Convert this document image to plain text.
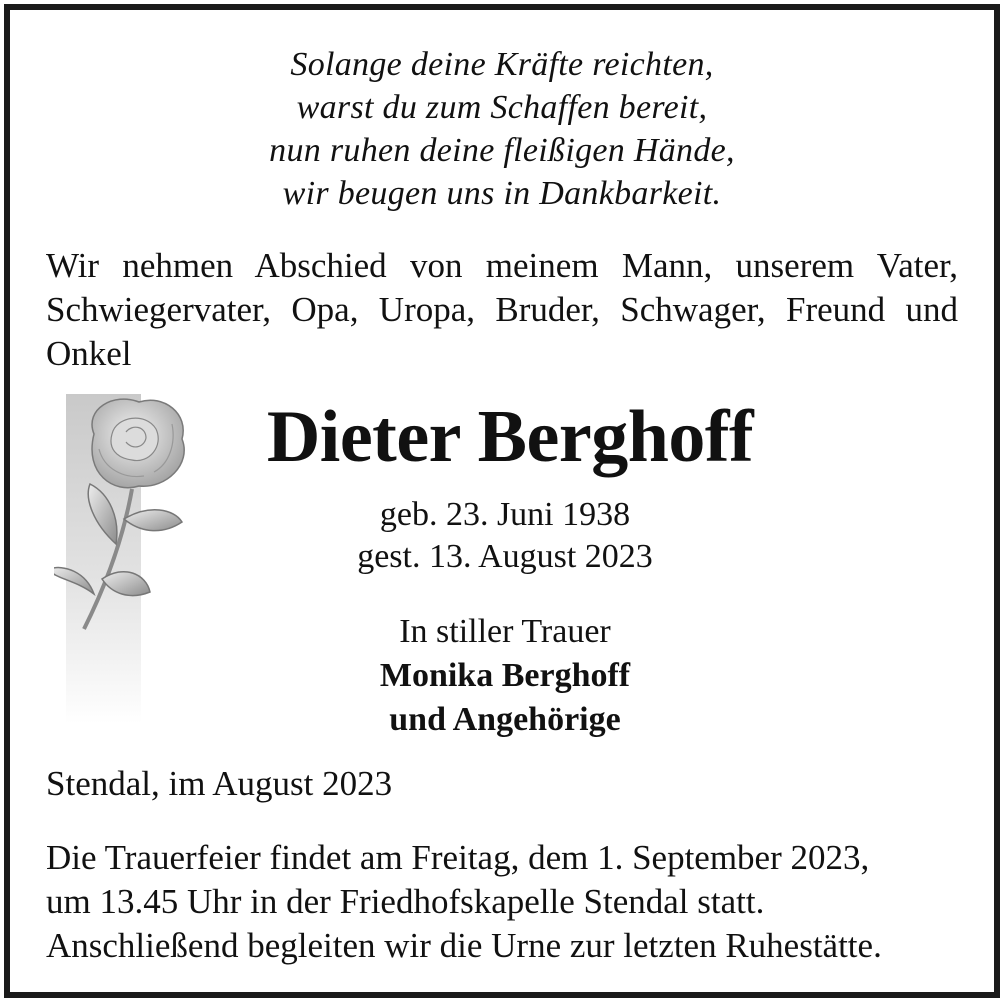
Solange deine Kräfte reichten,
warst du zum Schaffen bereit,
nun ruhen deine fleißigen Hände,
wir beugen uns in Dankbarkeit.
Wir nehmen Abschied von meinem Mann, unserem Vater, Schwiegervater, Opa, Uropa, Bruder, Schwager, Freund und Onkel
Dieter Berghoff
geb. 23. Juni 1938
gest. 13. August 2023
In stiller Trauer
Monika Berghoff
und Angehörige
Stendal, im August 2023
Die Trauerfeier findet am Freitag, dem 1. September 2023,
um 13.45 Uhr in der Friedhofskapelle Stendal statt.
Anschließend begleiten wir die Urne zur letzten Ruhestätte.
